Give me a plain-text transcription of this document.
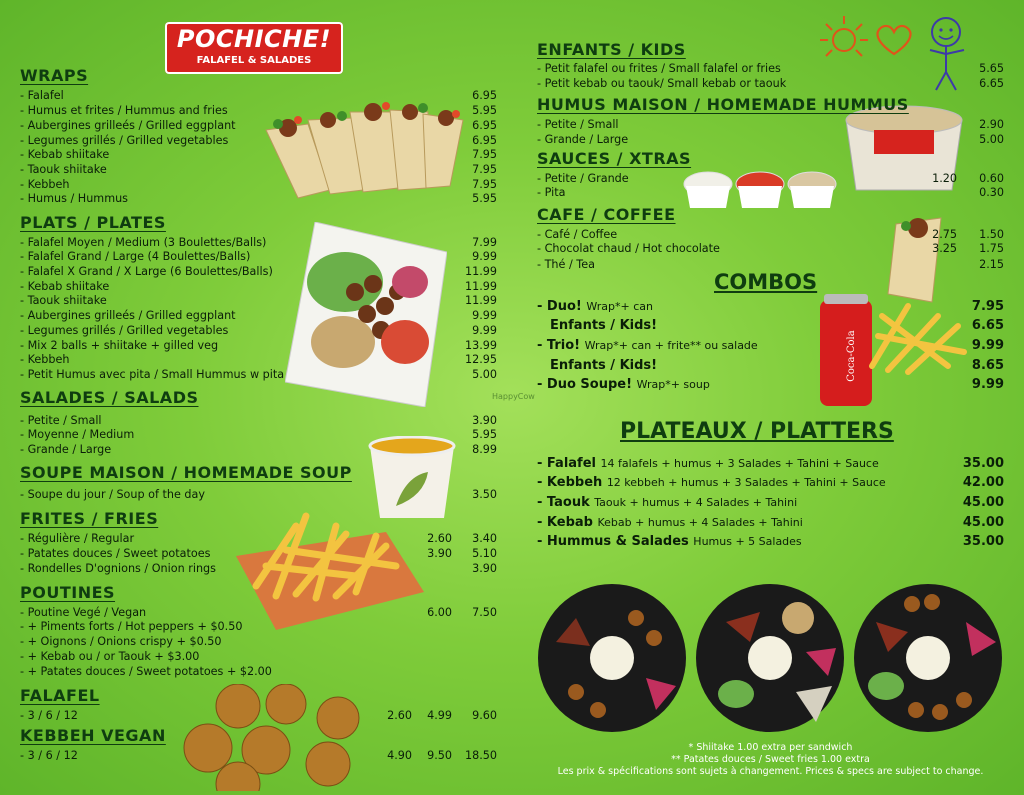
Coca-Cola
HappyCow
POCHICHE!
FALAFEL & SALADES
WRAPS
- Falafel	6.95
- Humus et frites / Hummus and fries	5.95
- Aubergines grilleés / Grilled eggplant	6.95
- Legumes grillés / Grilled vegetables	6.95
- Kebab shiitake	7.95
- Taouk shiitake	7.95
- Kebbeh	7.95
- Humus / Hummus	5.95
PLATS / PLATES
- Falafel Moyen / Medium (3 Boulettes/Balls)	7.99
- Falafel Grand / Large (4 Boulettes/Balls)	9.99
- Falafel X Grand / X Large (6 Boulettes/Balls)	11.99
- Kebab shiitake	11.99
- Taouk shiitake	11.99
- Aubergines grilleés / Grilled eggplant	9.99
- Legumes grillés / Grilled vegetables	9.99
- Mix 2 balls + shiitake + gilled veg	13.99
- Kebbeh	12.95
- Petit Humus avec pita / Small Hummus w pita	5.00
SALADES / SALADS
- Petite / Small	3.90
- Moyenne / Medium	5.95
- Grande / Large	8.99
SOUPE MAISON / HOMEMADE SOUP
- Soupe du jour / Soup of the day	3.50
FRITES / FRIES
- Régulière / Regular	2.60 3.40
- Patates douces / Sweet potatoes	3.90 5.10
- Rondelles D'ognions / Onion rings	3.90
POUTINES
- Poutine Vegé / Vegan	6.00 7.50
- + Piments forts / Hot peppers + $0.50
- + Oignons / Onions crispy + $0.50
- + Kebab ou / or Taouk + $3.00
- + Patates douces / Sweet potatoes + $2.00
FALAFEL
- 3 / 6 / 12	2.60 4.99 9.60
KEBBEH VEGAN
- 3 / 6 / 12	4.90 9.50 18.50
ENFANTS / KIDS
- Petit falafel ou frites / Small falafel or fries	5.65
- Petit kebab ou taouk/ Small kebab or taouk	6.65
HUMUS MAISON / HOMEMADE HUMMUS
- Petite / Small	2.90
- Grande / Large	5.00
SAUCES / XTRAS
- Petite / Grande	1.20 0.60
- Pita	0.30
CAFE / COFFEE
- Café / Coffee	2.75 1.50
- Chocolat chaud / Hot chocolate	3.25 1.75
- Thé / Tea	2.15
COMBOS
- Duo! Wrap*+ can	7.95
Enfants / Kids!	6.65
- Trio! Wrap*+ can + frite** ou salade	9.99
Enfants / Kids!	8.65
- Duo Soupe! Wrap*+ soup	9.99
PLATEAUX / PLATTERS
- Falafel 14 falafels + humus + 3 Salades + Tahini + Sauce	35.00
- Kebbeh 12 kebbeh + humus + 3 Salades + Tahini + Sauce	42.00
- Taouk Taouk + humus + 4 Salades + Tahini	45.00
- Kebab Kebab + humus + 4 Salades + Tahini	45.00
- Hummus & Salades Humus + 5 Salades	35.00
* Shiitake 1.00 extra per sandwich
** Patates douces / Sweet fries 1.00 extra
Les prix & spécifications sont sujets à changement. Prices & specs are subject to change.
